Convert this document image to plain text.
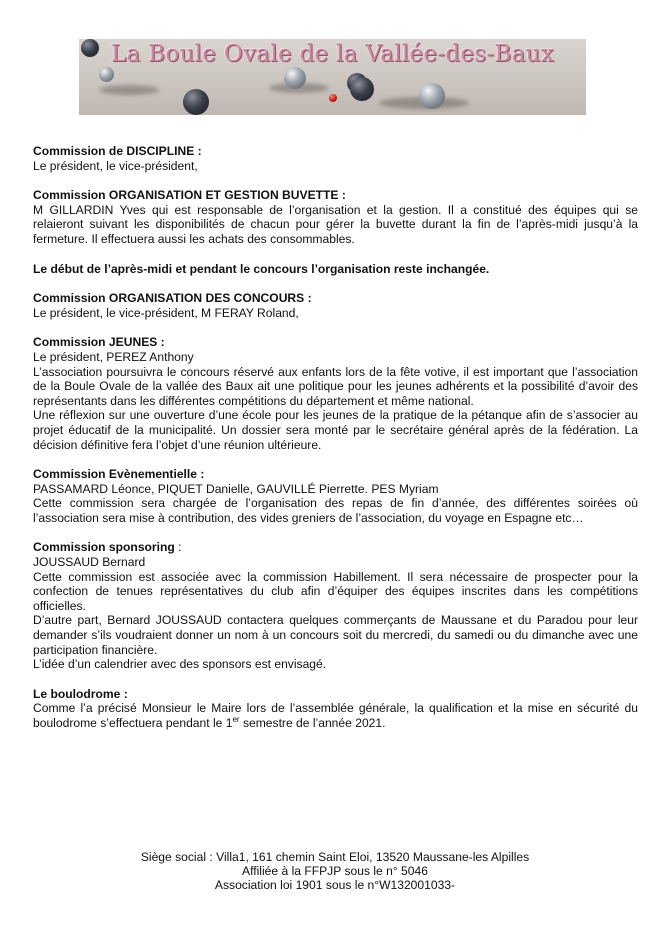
La Boule Ovale de la Vallée-des-Baux
Commission de DISCIPLINE :

Le président, le vice-président,

Commission ORGANISATION ET GESTION BUVETTE :

M GILLARDIN Yves qui est responsable de l’organisation et la gestion. Il a constitué des équipes qui se relaieront suivant les disponibilités de chacun pour gérer la buvette durant la fin de l’après-midi jusqu’à la fermeture. Il effectuera aussi les achats des consommables.

Le début de l’après-midi et pendant le concours l’organisation reste inchangée.
Commission ORGANISATION DES CONCOURS :

Le président, le vice-président, M FERAY Roland,

Commission JEUNES :

Le président, PEREZ Anthony

L’association poursuivra le concours réservé aux enfants lors de la fête votive, il est important que l’association de la Boule Ovale de la vallée des Baux ait une politique pour les jeunes adhérents et la possibilité d’avoir des représentants dans les différentes compétitions du département et même national.

Une réflexion sur une ouverture d’une école pour les jeunes de la pratique de la pétanque afin de s’associer au projet éducatif de la municipalité. Un dossier sera monté par le secrétaire général après de la fédération. La décision définitive fera l’objet d’une réunion ultérieure.

Commission Evènementielle :

PASSAMARD Léonce, PIQUET Danielle, GAUVILLÉ Pierrette. PES Myriam

Cette commission sera chargée de l’organisation des repas de fin d’année, des différentes soirées où l’association sera mise à contribution, des vides greniers de l’association, du voyage en Espagne etc…

Commission sponsoring :

JOUSSAUD Bernard

Cette commission est associée avec la commission Habillement. Il sera nécessaire de prospecter pour la confection de tenues représentatives du club afin d’équiper des équipes inscrites dans les compétitions officielles.

D’autre part, Bernard JOUSSAUD contactera quelques commerçants de Maussane et du Paradou pour leur demander s’ils voudraient donner un nom à un concours soit du mercredi, du samedi ou du dimanche avec une participation financière.

L’idée d’un calendrier avec des sponsors est envisagé.

Le boulodrome :

Comme l’a précisé Monsieur le Maire lors de l’assemblée générale, la qualification et la mise en sécurité du boulodrome s’effectuera pendant le 1er semestre de l’année 2021.

Siège social : Villa1, 161 chemin Saint Eloi, 13520 Maussane-les Alpilles
Affiliée à la FFPJP sous le n° 5046
Association loi 1901 sous le n°W132001033-
